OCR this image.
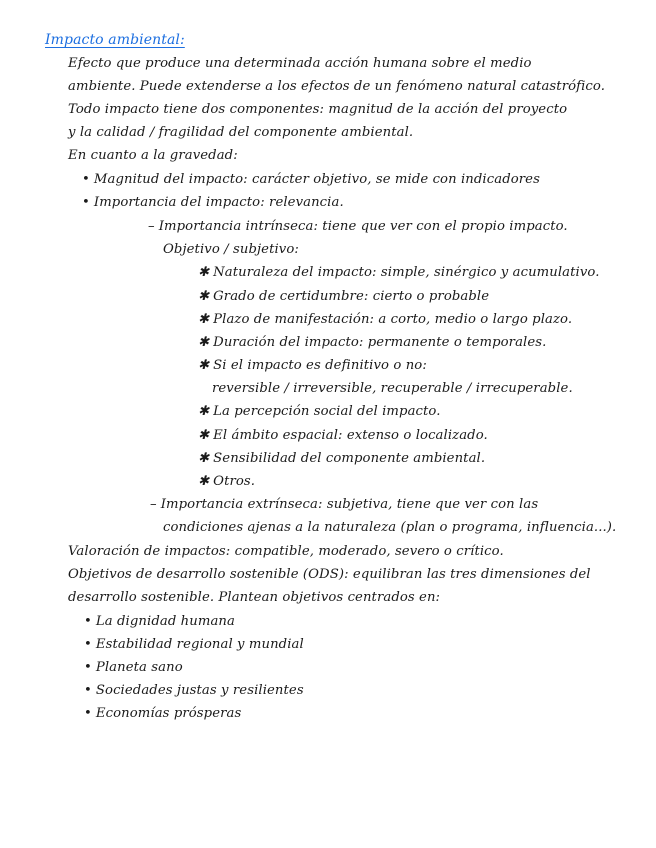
Impacto ambiental:
Efecto que produce una determinada acción humana sobre el medio
ambiente. Puede extenderse a los efectos de un fenómeno natural catastrófico.
Todo impacto tiene dos componentes: magnitud de la acción del proyecto
y la calidad / fragilidad del componente ambiental.
En cuanto a la gravedad:
• Magnitud del impacto: carácter objetivo, se mide con indicadores
• Importancia del impacto: relevancia.
– Importancia intrínseca: tiene que ver con el propio impacto.
Objetivo / subjetivo:
✱ Naturaleza del impacto: simple, sinérgico y acumulativo.
✱ Grado de certidumbre: cierto o probable
✱ Plazo de manifestación: a corto, medio o largo plazo.
✱ Duración del impacto: permanente o temporales.
✱ Si el impacto es definitivo o no:
reversible / irreversible, recuperable / irrecuperable.
✱ La percepción social del impacto.
✱ El ámbito espacial: extenso o localizado.
✱ Sensibilidad del componente ambiental.
✱ Otros.
– Importancia extrínseca: subjetiva, tiene que ver con las
condiciones ajenas a la naturaleza (plan o programa, influencia...).
Valoración de impactos: compatible, moderado, severo o crítico.
Objetivos de desarrollo sostenible (ODS): equilibran las tres dimensiones del
desarrollo sostenible. Plantean objetivos centrados en:
• La dignidad humana
• Estabilidad regional y mundial
• Planeta sano
• Sociedades justas y resilientes
• Economías prósperas
